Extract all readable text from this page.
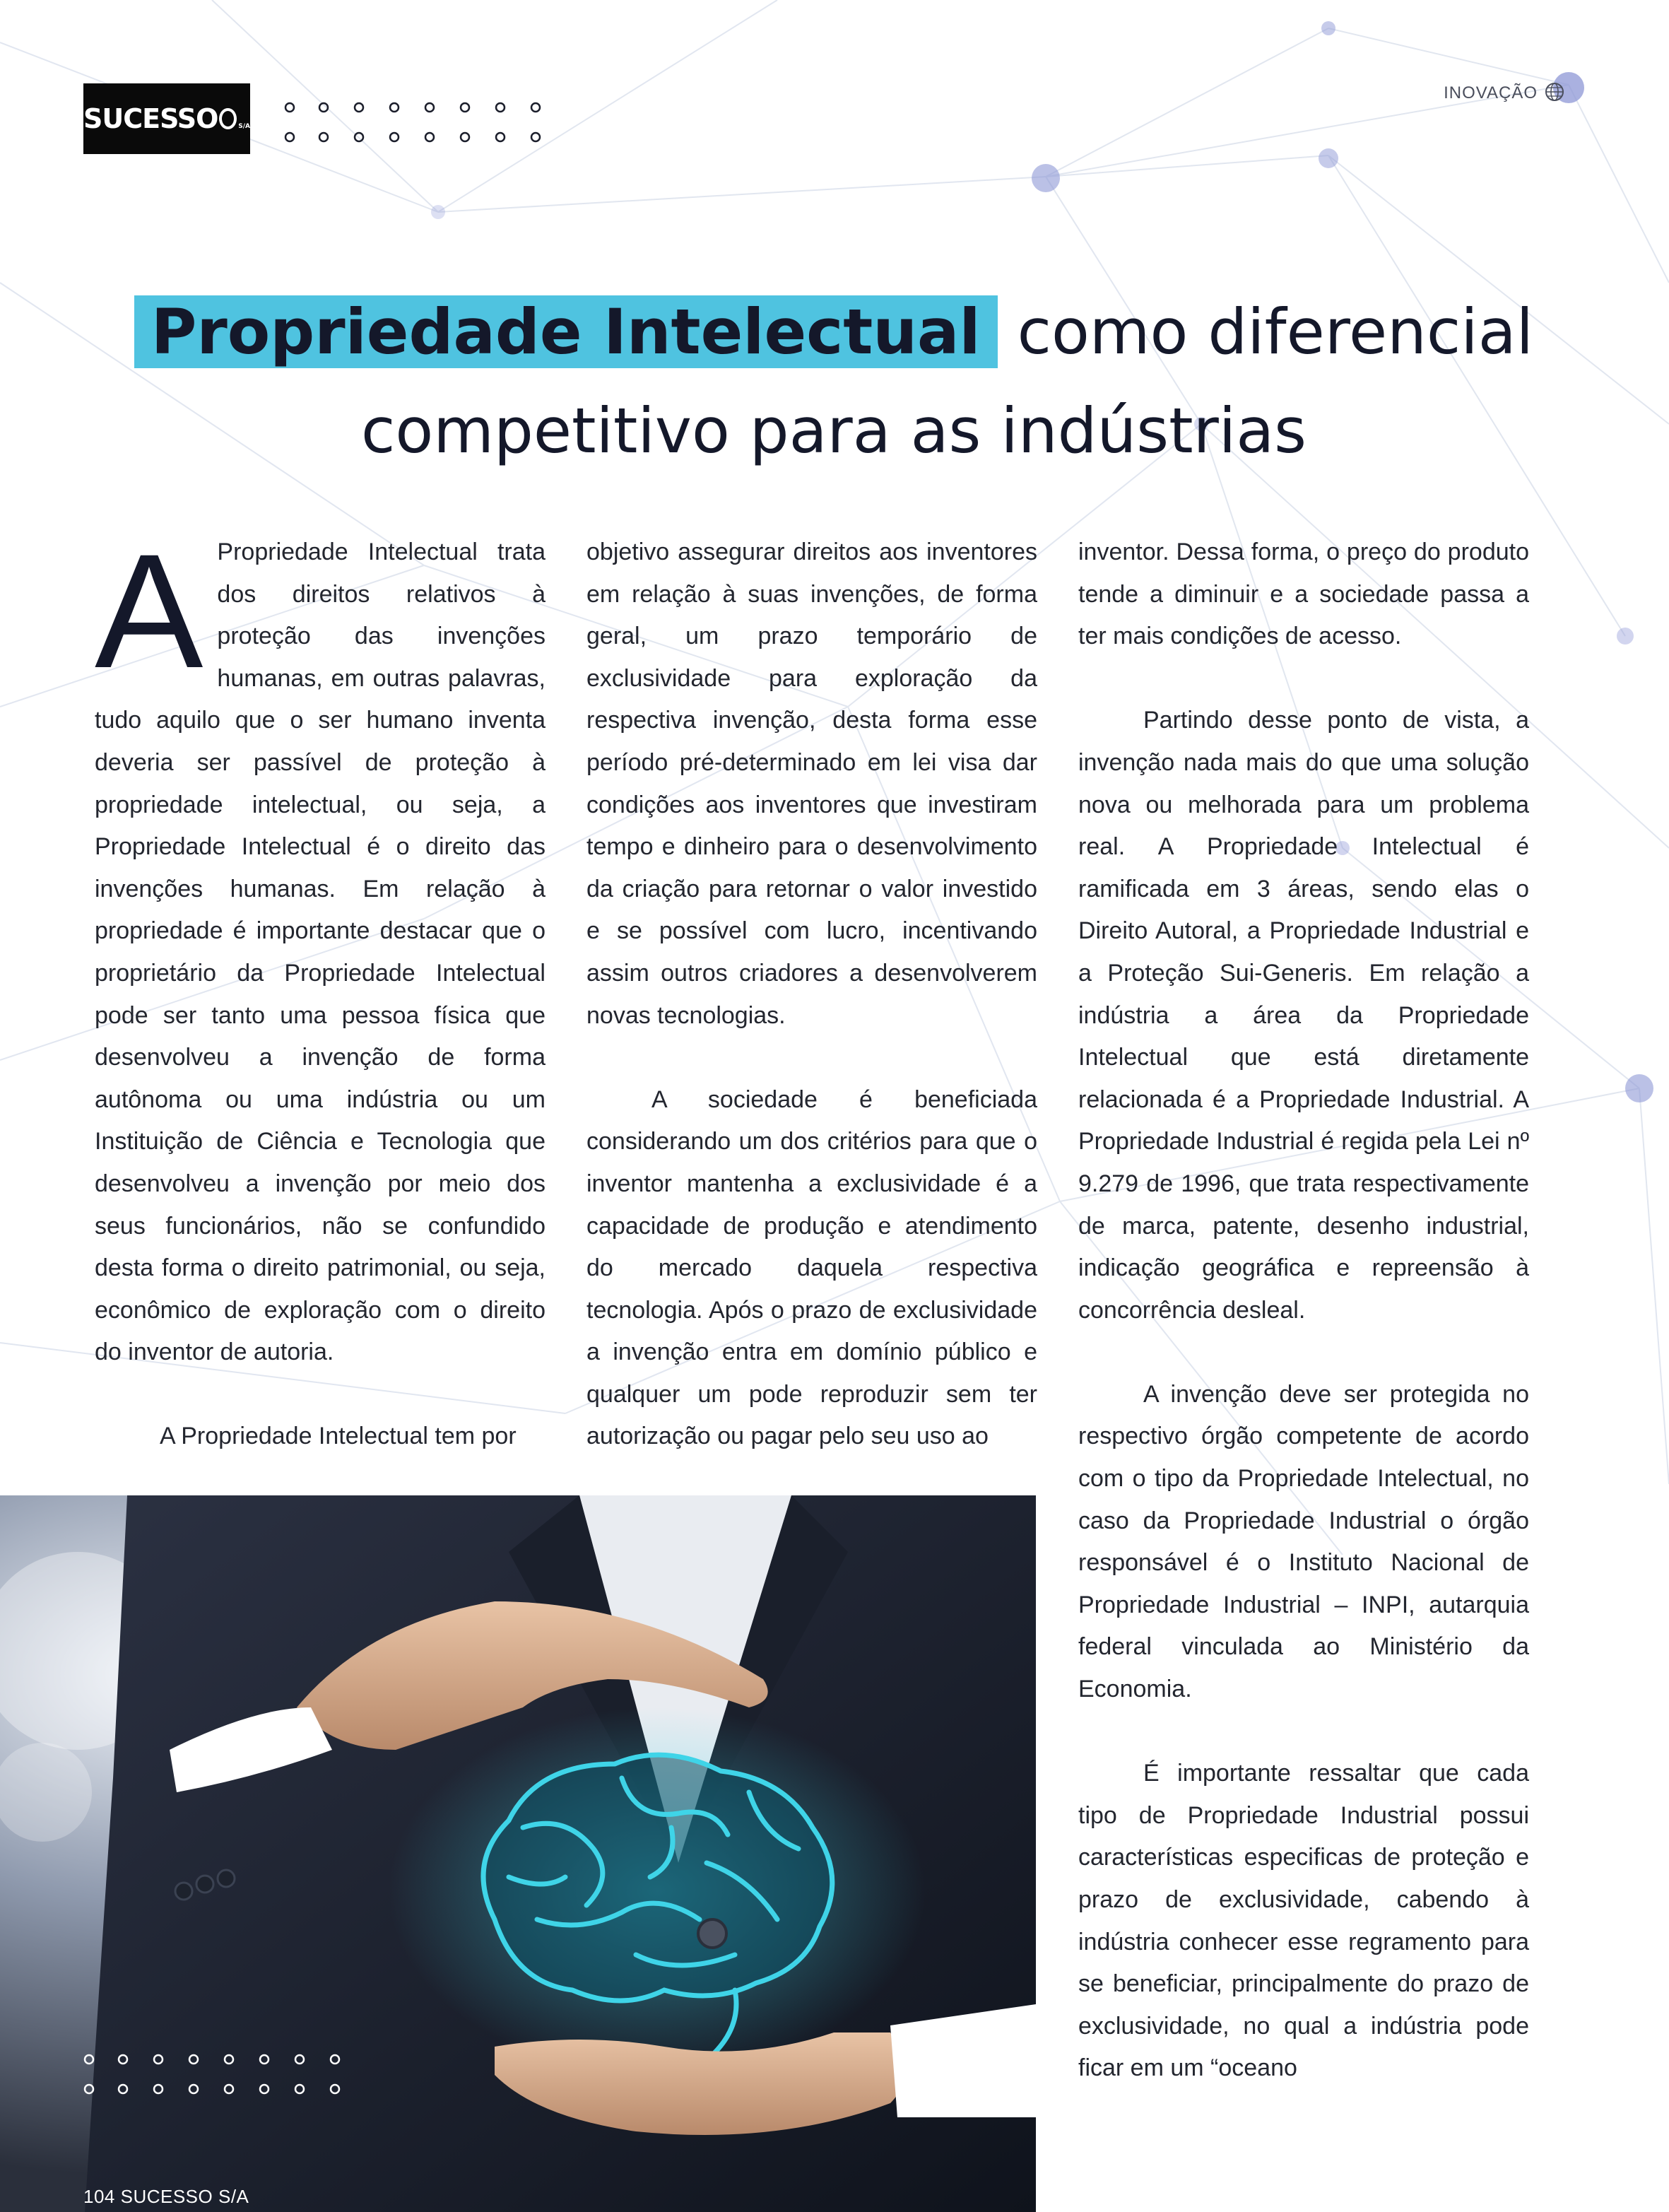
SUCESSO	S/A
INOVAÇÃO
Propriedade Intelectual como diferencial
competitivo para as indústrias
A Propriedade Intelectual trata dos direitos relativos à proteção das invenções humanas, em outras palavras, tudo aquilo que o ser humano inventa deveria ser passível de proteção à propriedade intelectual, ou seja, a Propriedade Intelectual é o direito das invenções humanas. Em relação à propriedade é importante destacar que o proprietário da Propriedade Intelectual pode ser tanto uma pessoa física que desenvolveu a invenção de forma autônoma ou uma indústria ou um Instituição de Ciência e Tecnologia que desenvolveu a invenção por meio dos seus funcionários, não se confundido desta forma o direito patrimonial, ou seja, econômico de exploração com o direito do inventor de autoria.

A Propriedade Intelectual tem por

objetivo assegurar direitos aos inventores em relação à suas invenções, de forma geral, um prazo temporário de exclusividade para exploração da respectiva invenção, desta forma esse período pré-determinado em lei visa dar condições aos inventores que investiram tempo e dinheiro para o desenvolvimento da criação para retornar o valor investido e se possível com lucro, incentivando assim outros criadores a desenvolverem novas tecnologias.

A sociedade é beneficiada considerando um dos critérios para que o inventor mantenha a exclusividade é a capacidade de produção e atendimento do mercado daquela respectiva tecnologia. Após o prazo de exclusividade a invenção entra em domínio público e qualquer um pode reproduzir sem ter autorização ou pagar pelo seu uso ao

inventor. Dessa forma, o preço do produto tende a diminuir e a sociedade passa a ter mais condições de acesso.

Partindo desse ponto de vista, a invenção nada mais do que uma solução nova ou melhorada para um problema real. A Propriedade Intelectual é ramificada em 3 áreas, sendo elas o Direito Autoral, a Propriedade Industrial e a Proteção Sui-Generis. Em relação a indústria a área da Propriedade Intelectual que está diretamente relacionada é a Propriedade Industrial. A Propriedade Industrial é regida pela Lei nº 9.279 de 1996, que trata respectivamente de marca, patente, desenho industrial, indicação geográfica e repreensão à concorrência desleal.

A invenção deve ser protegida no respectivo órgão competente de acordo com o tipo da Propriedade Intelectual, no caso da Propriedade Industrial o órgão responsável é o Instituto Nacional de Propriedade Industrial – INPI, autarquia federal vinculada ao Ministério da Economia.

É importante ressaltar que cada tipo de Propriedade Industrial possui características especificas de proteção e prazo de exclusividade, cabendo à indústria conhecer esse regramento para se beneficiar, principalmente do prazo de exclusividade, no qual a indústria pode ficar em um “oceano

104 SUCESSO S/A
